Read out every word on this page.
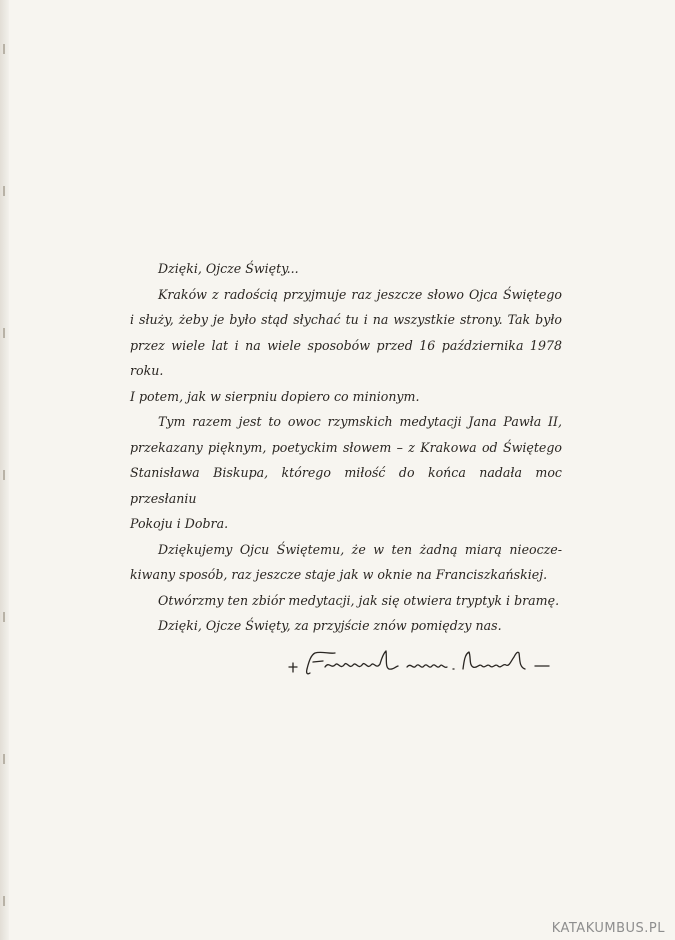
Dzięki, Ojcze Święty...

Kraków z radością przyjmuje raz jeszcze słowo Ojca Świętego

i służy, żeby je było stąd słychać tu i na wszystkie strony. Tak było

przez wiele lat i na wiele sposobów przed 16 października 1978 roku.

I potem, jak w sierpniu dopiero co minionym.

Tym razem jest to owoc rzymskich medytacji Jana Pawła II,

przekazany pięknym, poetyckim słowem – z Krakowa od Świętego

Stanisława Biskupa, którego miłość do końca nadała moc przesłaniu

Pokoju i Dobra.

Dziękujemy Ojcu Świętemu, że w ten żadną miarą nieocze-

kiwany sposób, raz jeszcze staje jak w oknie na Franciszkańskiej.

Otwórzmy ten zbiór medytacji, jak się otwiera tryptyk i bramę.

Dzięki, Ojcze Święty, za przyjście znów pomiędzy nas.

KATAKUMBUS.PL
